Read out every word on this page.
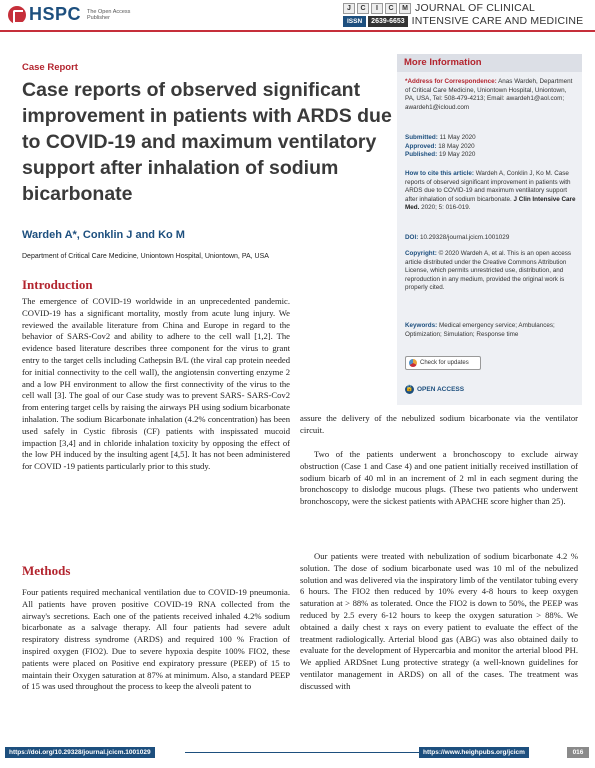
HSPC The Open Access Publisher
J	C	I	C	M JOURNAL OF CLINICAL
ISSN	2639-6653 INTENSIVE CARE AND MEDICINE
Case Report
Case reports of observed significant improvement in patients with ARDS due to COVID-19 and maximum ventilatory support after inhalation of sodium bicarbonate
Wardeh A*, Conklin J and Ko M
Department of Critical Care Medicine, Uniontown Hospital, Uniontown, PA, USA
More Information
*Address for Correspondence: Anas Wardeh, Department of Critical Care Medicine, Uniontown Hospital, Uniontown, PA, USA, Tel: 508-479-4213; Email: awardeh1@aol.com; awardeh1@icloud.com
Submitted: 11 May 2020
Approved: 18 May 2020
Published: 19 May 2020
How to cite this article: Wardeh A, Conklin J, Ko M. Case reports of observed significant improvement in patients with ARDS due to COVID-19 and maximum ventilatory support after inhalation of sodium bicarbonate. J Clin Intensive Care Med. 2020; 5: 016-019.
DOI: 10.29328/journal.jcicm.1001029
Copyright: © 2020 Wardeh A, et al. This is an open access article distributed under the Creative Commons Attribution License, which permits unrestricted use, distribution, and reproduction in any medium, provided the original work is properly cited.
Keywords: Medical emergency service; Ambulances; Optimization; Simulation; Response time
Check for updates
🔓 OPEN ACCESS
Introduction
The emergence of COVID-19 worldwide in an unprecedented pandemic. COVID-19 has a significant mortality, mostly from acute lung injury. We reviewed the available literature from China and Europe in regard to the behavior of SARS-Cov2 and ability to adhere to the cell wall [1,2]. The evidence based literature describes three component for the virus to grant entry to the target cells including Cathepsin B/L (the viral cap protein needed for initial connectivity to the cell wall), the angiotensin converting enzyme 2 and a low PH environment to allow the first connectivity of the virus to the cell wall [3]. The goal of our Case study was to prevent SARS- SARS-Cov2 from entering target cells by raising the airways PH using sodium bicarbonate inhalation. The sodium Bicarbonate inhalation (4.2% concentration) has been used safely in Cystic fibrosis (CF) patients with inspissated mucoid impaction [3,4] and in chloride inhalation toxicity by opposing the effect of the low PH induced by the insulting agent [4,5]. It has not been administered for COVID -19 patients particularly prior to this study.
Methods
Four patients required mechanical ventilation due to COVID-19 pneumonia. All patients have proven positive COVID-19 RNA collected from the airway's secretions. Each one of the patients received inhaled 4.2% sodium bicarbonate as a salvage therapy. All four patients had severe adult respiratory distress syndrome (ARDS) and required 100 % Fraction of inspired oxygen (FIO2). Due to severe hypoxia despite 100% FIO2, these patients were placed on Positive end expiratory pressure (PEEP) of 15 to maintain their Oxygen saturation at 87% at minimum. Also, a standard PEEP of 15 was used throughout the process to keep the alveoli patent to
assure the delivery of the nebulized sodium bicarbonate via the ventilator circuit.
Two of the patients underwent a bronchoscopy to exclude airway obstruction (Case 1 and Case 4) and one patient initially received instillation of sodium bicarb of 40 ml in an increment of 2 ml in each segment during the bronchoscopy to dislodge mucous plugs. (These two patients who underwent bronchoscopy, were the sickest patients with APACHE score higher than 25).
Our patients were treated with nebulization of sodium bicarbonate 4.2 % solution. The dose of sodium bicarbonate used was 10 ml of the nebulized solution and was delivered via the inspiratory limb of the ventilator tubing every 6 hours. The FIO2 then reduced by 10% every 4-8 hours to keep oxygen saturation at > 88% as tolerated. Once the FIO2 is down to 50%, the PEEP was reduced by 2.5 every 6-12 hours to keep the oxygen saturation > 88%. We obtained a daily chest x rays on every patient to evaluate the effect of the treatment radiologically. Arterial blood gas (ABG) was also obtained daily to evaluate for the development of Hypercarbia and monitor the arterial blood PH. We applied ARDSnet Lung protective strategy (a well-known guidelines for ventilator management in ARDS) on all of the cases. The treatment was discussed with
https://doi.org/10.29328/journal.jcicm.1001029	https://www.heighpubs.org/jcicm	016
